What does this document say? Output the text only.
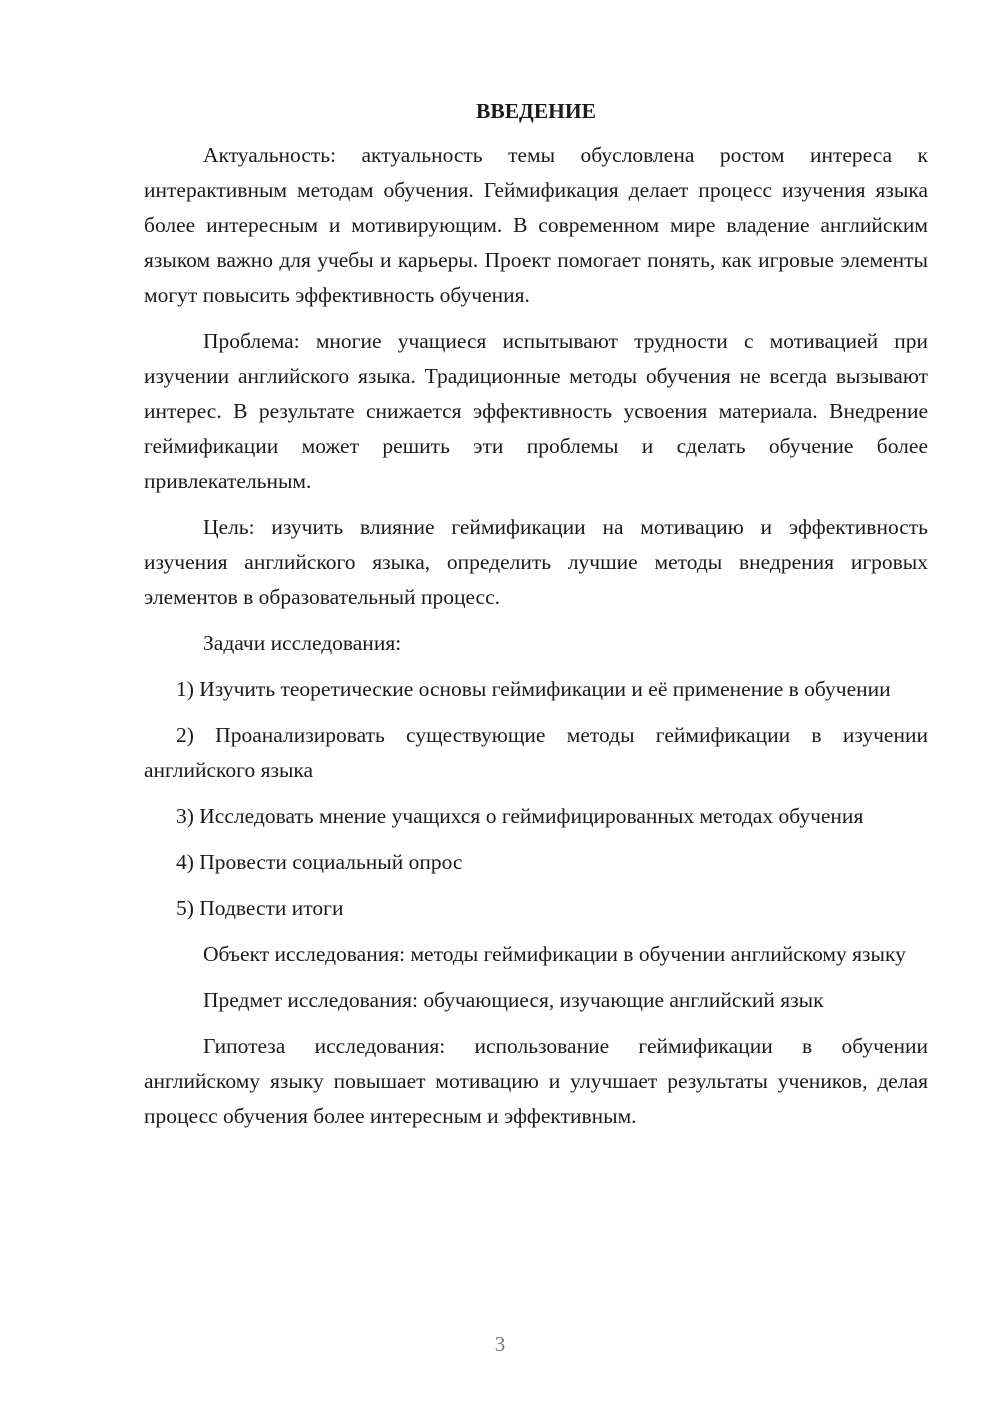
ВВЕДЕНИЕ

Актуальность: актуальность темы обусловлена ростом интереса к интерактивным методам обучения. Геймификация делает процесс изучения языка более интересным и мотивирующим. В современном мире владение английским языком важно для учебы и карьеры. Проект помогает понять, как игровые элементы могут повысить эффективность обучения.

Проблема: многие учащиеся испытывают трудности с мотивацией при изучении английского языка. Традиционные методы обучения не всегда вызывают интерес. В результате снижается эффективность усвоения материала. Внедрение геймификации может решить эти проблемы и сделать обучение более привлекательным.

Цель: изучить влияние геймификации на мотивацию и эффективность изучения английского языка, определить лучшие методы внедрения игровых элементов в образовательный процесс.

Задачи исследования:

1) Изучить теоретические основы геймификации и её применение в обучении

2) Проанализировать существующие методы геймификации в изучении английского языка

3) Исследовать мнение учащихся о геймифицированных методах обучения

4) Провести социальный опрос

5) Подвести итоги

Объект исследования: методы геймификации в обучении английскому языку

Предмет исследования: обучающиеся, изучающие английский язык

Гипотеза исследования: использование геймификации в обучении английскому языку повышает мотивацию и улучшает результаты учеников, делая процесс обучения более интересным и эффективным.

3
